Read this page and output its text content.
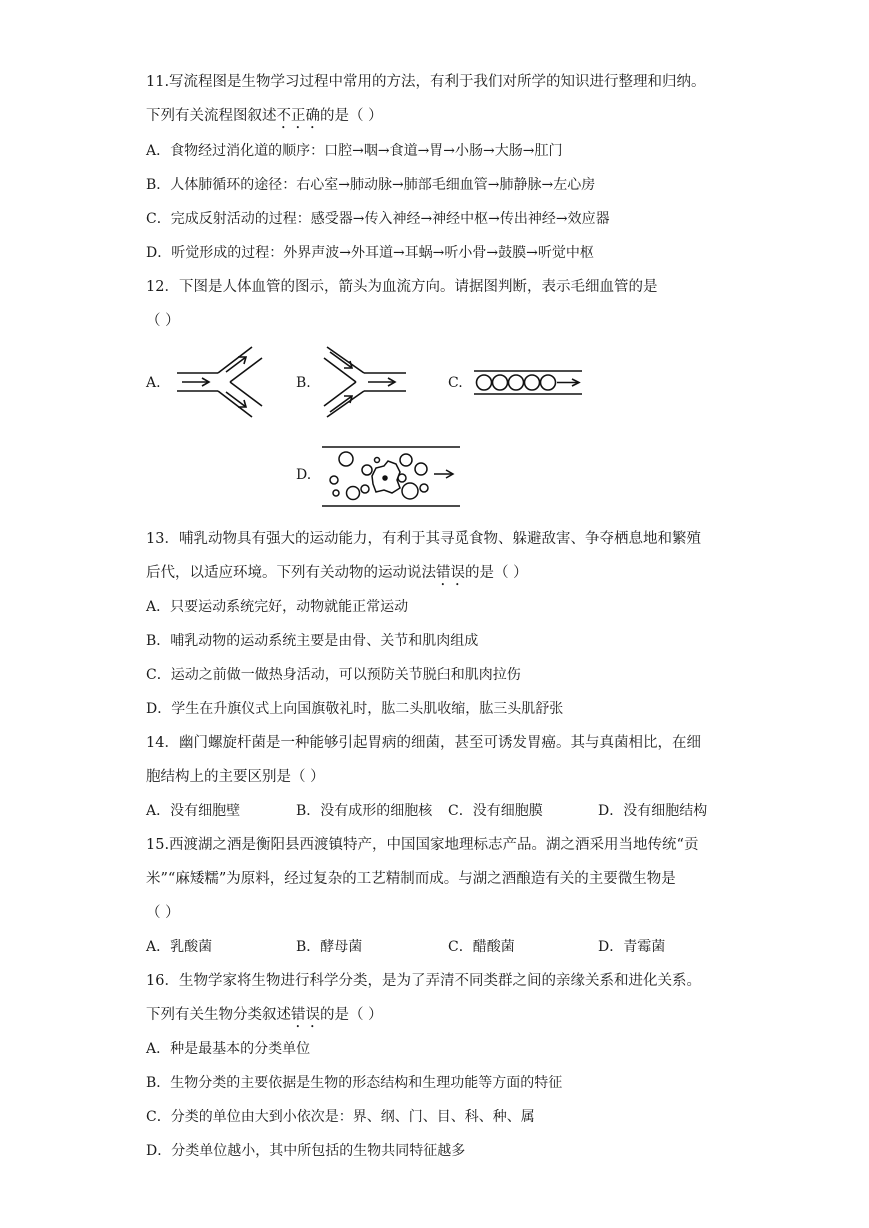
11.写流程图是生物学习过程中常用的方法，有利于我们对所学的知识进行整理和归纳。
下列有关流程图叙述不正确的是（ ）
A．食物经过消化道的顺序：口腔→咽→食道→胃→小肠→大肠→肛门
B．人体肺循环的途径：右心室→肺动脉→肺部毛细血管→肺静脉→左心房
C．完成反射活动的过程：感受器→传入神经→神经中枢→传出神经→效应器
D．听觉形成的过程：外界声波→外耳道→耳蜗→听小骨→鼓膜→听觉中枢
12．下图是人体血管的图示，箭头为血流方向。请据图判断，表示毛细血管的是
（ ）
A.	B.	C.
D.
13．哺乳动物具有强大的运动能力，有利于其寻觅食物、躲避敌害、争夺栖息地和繁殖
后代，以适应环境。下列有关动物的运动说法错误的是（ ）
A．只要运动系统完好，动物就能正常运动
B．哺乳动物的运动系统主要是由骨、关节和肌肉组成
C．运动之前做一做热身活动，可以预防关节脱臼和肌肉拉伤
D．学生在升旗仪式上向国旗敬礼时，肱二头肌收缩，肱三头肌舒张
14．幽门螺旋杆菌是一种能够引起胃病的细菌，甚至可诱发胃癌。其与真菌相比，在细
胞结构上的主要区别是（ ）
A．没有细胞壁	B．没有成形的细胞核 C．没有细胞膜	D．没有细胞结构
15.西渡湖之酒是衡阳县西渡镇特产，中国国家地理标志产品。湖之酒采用当地传统“贡
米”“麻矮糯”为原料，经过复杂的工艺精制而成。与湖之酒酿造有关的主要微生物是
（ ）
A．乳酸菌	B．酵母菌	C．醋酸菌	D．青霉菌
16．生物学家将生物进行科学分类，是为了弄清不同类群之间的亲缘关系和进化关系。
下列有关生物分类叙述错误的是（ ）
A．种是最基本的分类单位
B．生物分类的主要依据是生物的形态结构和生理功能等方面的特征
C．分类的单位由大到小依次是：界、纲、门、目、科、种、属
D．分类单位越小，其中所包括的生物共同特征越多
